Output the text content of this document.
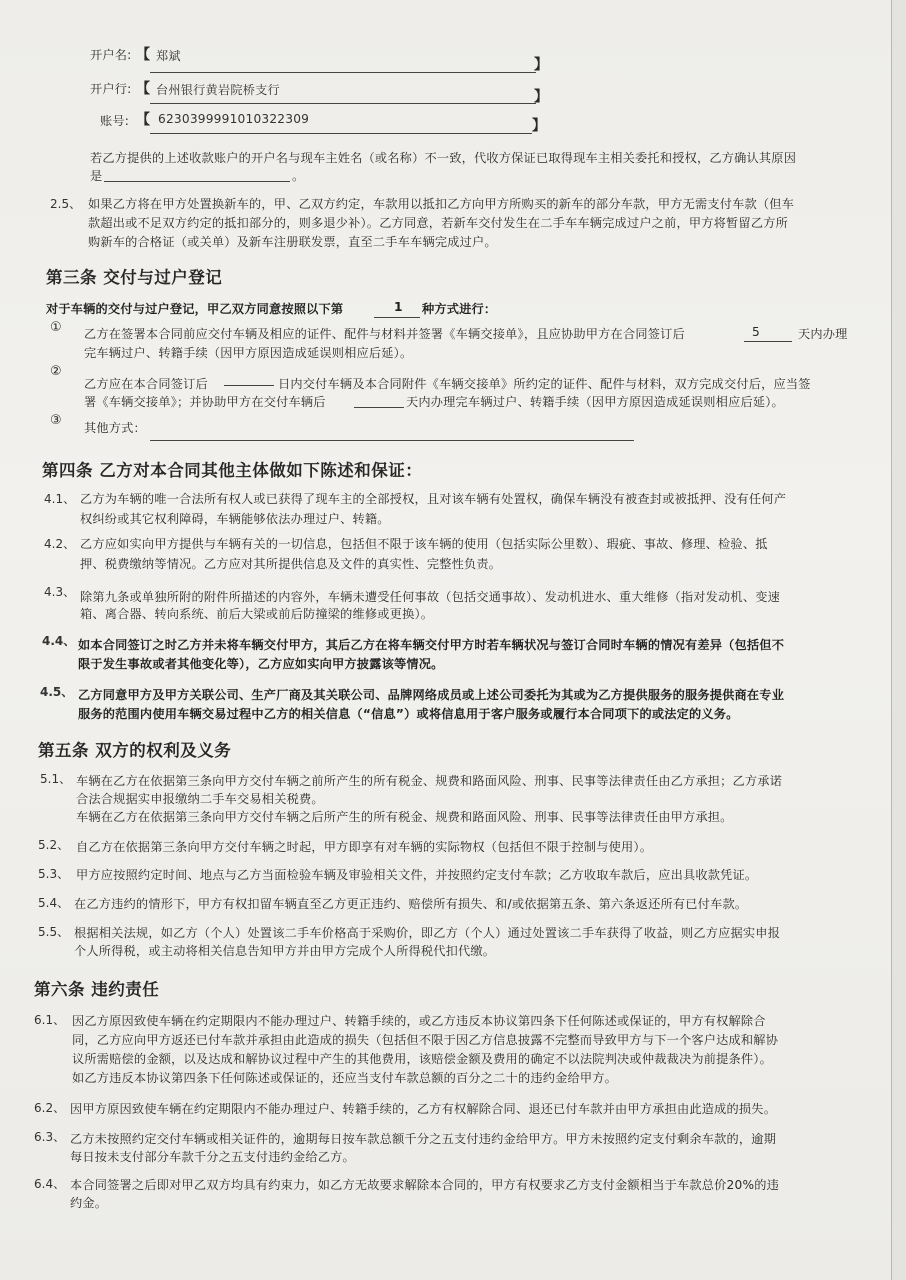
开户名: 【 郑斌
】
开户行: 【 台州银行黄岩院桥支行	】
账号: 【 6230399991010322309	】
若乙方提供的上述收款账户的开户名与现车主姓名（或名称）不一致，代收方保证已取得现车主相关委托和授权，乙方确认其原因
是	。
2.5、 如果乙方将在甲方处置换新车的，甲、乙双方约定，车款用以抵扣乙方向甲方所购买的新车的部分车款，甲方无需支付车款（但车
款超出或不足双方约定的抵扣部分的，则多退少补）。乙方同意，若新车交付发生在二手车车辆完成过户之前，甲方将暂留乙方所
购新车的合格证（或关单）及新车注册联发票，直至二手车车辆完成过户。
第三条 交付与过户登记
对于车辆的交付与过户登记，甲乙双方同意按照以下第	1 种方式进行：
① 乙方在签署本合同前应交付车辆及相应的证件、配件与材料并签署《车辆交接单》，且应协助甲方在合同签订后	5	天内办理
完车辆过户、转籍手续（因甲方原因造成延误则相应后延）。
②
乙方应在本合同签订后	日内交付车辆及本合同附件《车辆交接单》所约定的证件、配件与材料，双方完成交付后，应当签
署《车辆交接单》；并协助甲方在交付车辆后	天内办理完车辆过户、转籍手续（因甲方原因造成延误则相应后延）。
③ 其他方式：
第四条 乙方对本合同其他主体做如下陈述和保证：
4.1、 乙方为车辆的唯一合法所有权人或已获得了现车主的全部授权，且对该车辆有处置权，确保车辆没有被查封或被抵押、没有任何产
权纠纷或其它权利障碍，车辆能够依法办理过户、转籍。
4.2、 乙方应如实向甲方提供与车辆有关的一切信息，包括但不限于该车辆的使用（包括实际公里数）、瑕疵、事故、修理、检验、抵
押、税费缴纳等情况。乙方应对其所提供信息及文件的真实性、完整性负责。
4.3、 除第九条或单独所附的附件所描述的内容外，车辆未遭受任何事故（包括交通事故）、发动机进水、重大维修（指对发动机、变速
箱、离合器、转向系统、前后大梁或前后防撞梁的维修或更换）。
4.4、 如本合同签订之时乙方并未将车辆交付甲方，其后乙方在将车辆交付甲方时若车辆状况与签订合同时车辆的情况有差异（包括但不
限于发生事故或者其他变化等），乙方应如实向甲方披露该等情况。
4.5、 乙方同意甲方及甲方关联公司、生产厂商及其关联公司、品牌网络成员或上述公司委托为其或为乙方提供服务的服务提供商在专业
服务的范围内使用车辆交易过程中乙方的相关信息（“信息”）或将信息用于客户服务或履行本合同项下的或法定的义务。
第五条 双方的权利及义务
5.1、 车辆在乙方在依据第三条向甲方交付车辆之前所产生的所有税金、规费和路面风险、刑事、民事等法律责任由乙方承担；乙方承诺
合法合规据实申报缴纳二手车交易相关税费。
车辆在乙方在依据第三条向甲方交付车辆之后所产生的所有税金、规费和路面风险、刑事、民事等法律责任由甲方承担。
5.2、 自乙方在依据第三条向甲方交付车辆之时起，甲方即享有对车辆的实际物权（包括但不限于控制与使用）。
5.3、 甲方应按照约定时间、地点与乙方当面检验车辆及审验相关文件，并按照约定支付车款；乙方收取车款后，应出具收款凭证。
5.4、 在乙方违约的情形下，甲方有权扣留车辆直至乙方更正违约、赔偿所有损失、和/或依据第五条、第六条返还所有已付车款。
5.5、 根据相关法规，如乙方（个人）处置该二手车价格高于采购价，即乙方（个人）通过处置该二手车获得了收益，则乙方应据实申报
个人所得税，或主动将相关信息告知甲方并由甲方完成个人所得税代扣代缴。
第六条 违约责任
6.1、 因乙方原因致使车辆在约定期限内不能办理过户、转籍手续的，或乙方违反本协议第四条下任何陈述或保证的，甲方有权解除合
同，乙方应向甲方返还已付车款并承担由此造成的损失（包括但不限于因乙方信息披露不完整而导致甲方与下一个客户达成和解协
议所需赔偿的金额，以及达成和解协议过程中产生的其他费用，该赔偿金额及费用的确定不以法院判决或仲裁裁决为前提条件）。
如乙方违反本协议第四条下任何陈述或保证的，还应当支付车款总额的百分之二十的违约金给甲方。
6.2、 因甲方原因致使车辆在约定期限内不能办理过户、转籍手续的，乙方有权解除合同、退还已付车款并由甲方承担由此造成的损失。
6.3、 乙方未按照约定交付车辆或相关证件的，逾期每日按车款总额千分之五支付违约金给甲方。甲方未按照约定支付剩余车款的，逾期
每日按未支付部分车款千分之五支付违约金给乙方。
6.4、 本合同签署之后即对甲乙双方均具有约束力，如乙方无故要求解除本合同的，甲方有权要求乙方支付金额相当于车款总价20%的违
约金。
